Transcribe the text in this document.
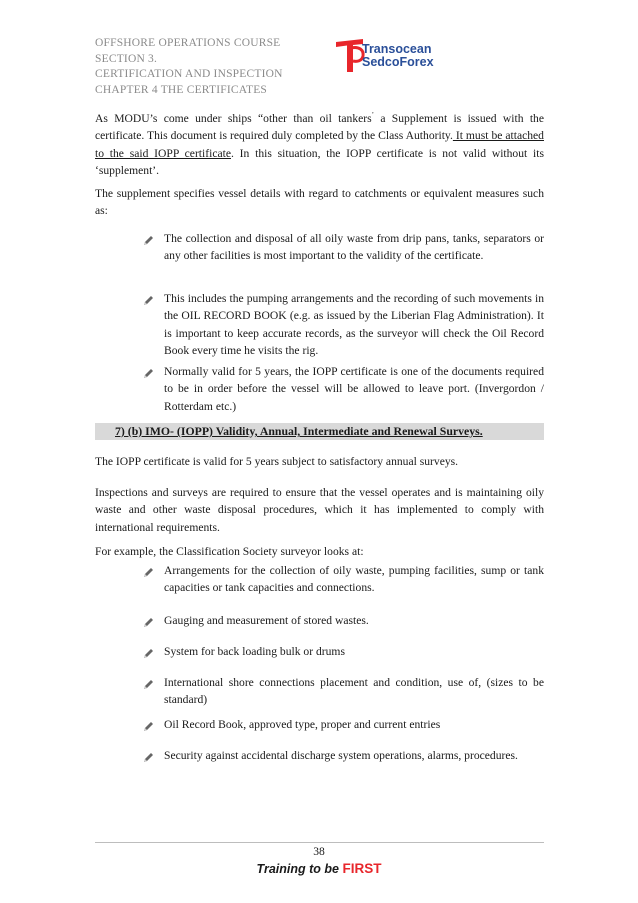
OFFSHORE OPERATIONS COURSE
SECTION 3.
CERTIFICATION AND INSPECTION
CHAPTER 4 THE CERTIFICATES
Transocean
SedcoForex
As MODU’s come under ships “other than oil tankers’ a Supplement is issued with the certificate. This document is required duly completed by the Class Authority. It must be attached to the said IOPP certificate. In this situation, the IOPP certificate is not valid without its ‘supplement’.
The supplement specifies vessel details with regard to catchments or equivalent measures such as:
The collection and disposal of all oily waste from drip pans, tanks, separators or any other facilities is most important to the validity of the certificate.
This includes the pumping arrangements and the recording of such movements in the OIL RECORD BOOK (e.g. as issued by the Liberian Flag Administration). It is important to keep accurate records, as the surveyor will check the Oil Record Book every time he visits the rig.
Normally valid for 5 years, the IOPP certificate is one of the documents required to be in order before the vessel will be allowed to leave port. (Invergordon / Rotterdam etc.)
7) (b) IMO- (IOPP) Validity, Annual, Intermediate and Renewal Surveys.
The IOPP certificate is valid for 5 years subject to satisfactory annual surveys.
Inspections and surveys are required to ensure that the vessel operates and is maintaining oily waste and other waste disposal procedures, which it has implemented to comply with international requirements.
For example, the Classification Society surveyor looks at:
Arrangements for the collection of oily waste, pumping facilities, sump or tank capacities or tank capacities and connections.
Gauging and measurement of stored wastes.
System for back loading bulk or drums
International shore connections placement and condition, use of, (sizes to be standard)
Oil Record Book, approved type, proper and current entries
Security against accidental discharge system operations, alarms, procedures.
38
Training to be FIRST
